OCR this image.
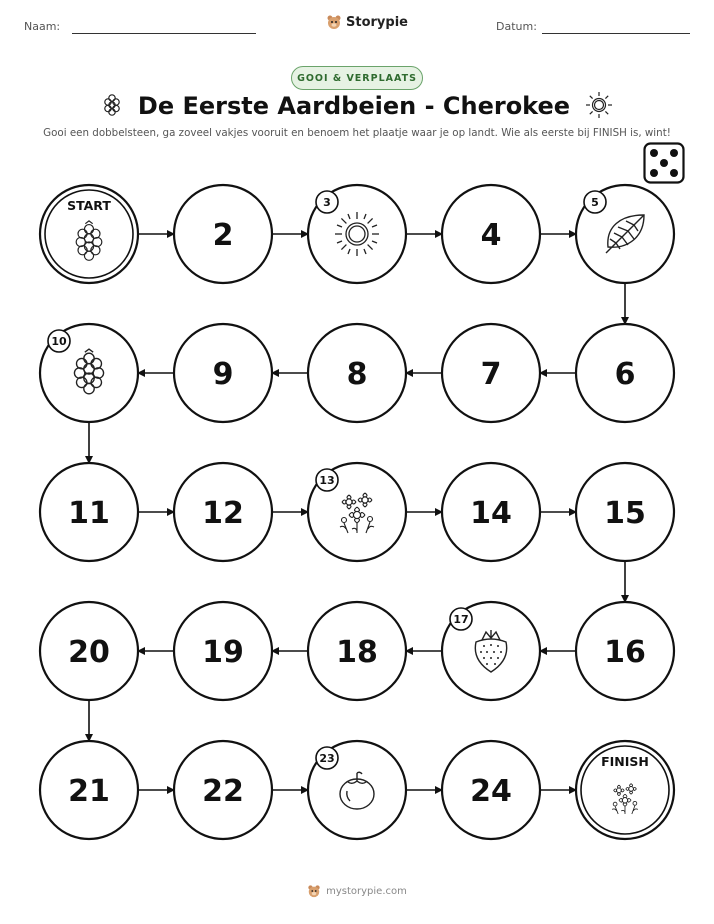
Naam:	Storypie	Datum:
GOOI & VERPLAATS
De Eerste Aardbeien - Cherokee
Gooi een dobbelsteen, ga zoveel vakjes vooruit en benoem het plaatje waar je op landt. Wie als eerste bij FINISH is, wint!
START
2
3
4
5
6
7
8
9
10
11	12
13
14	15
16
17
18
19
20
21	22
23
24
FINISH
mystorypie.com
